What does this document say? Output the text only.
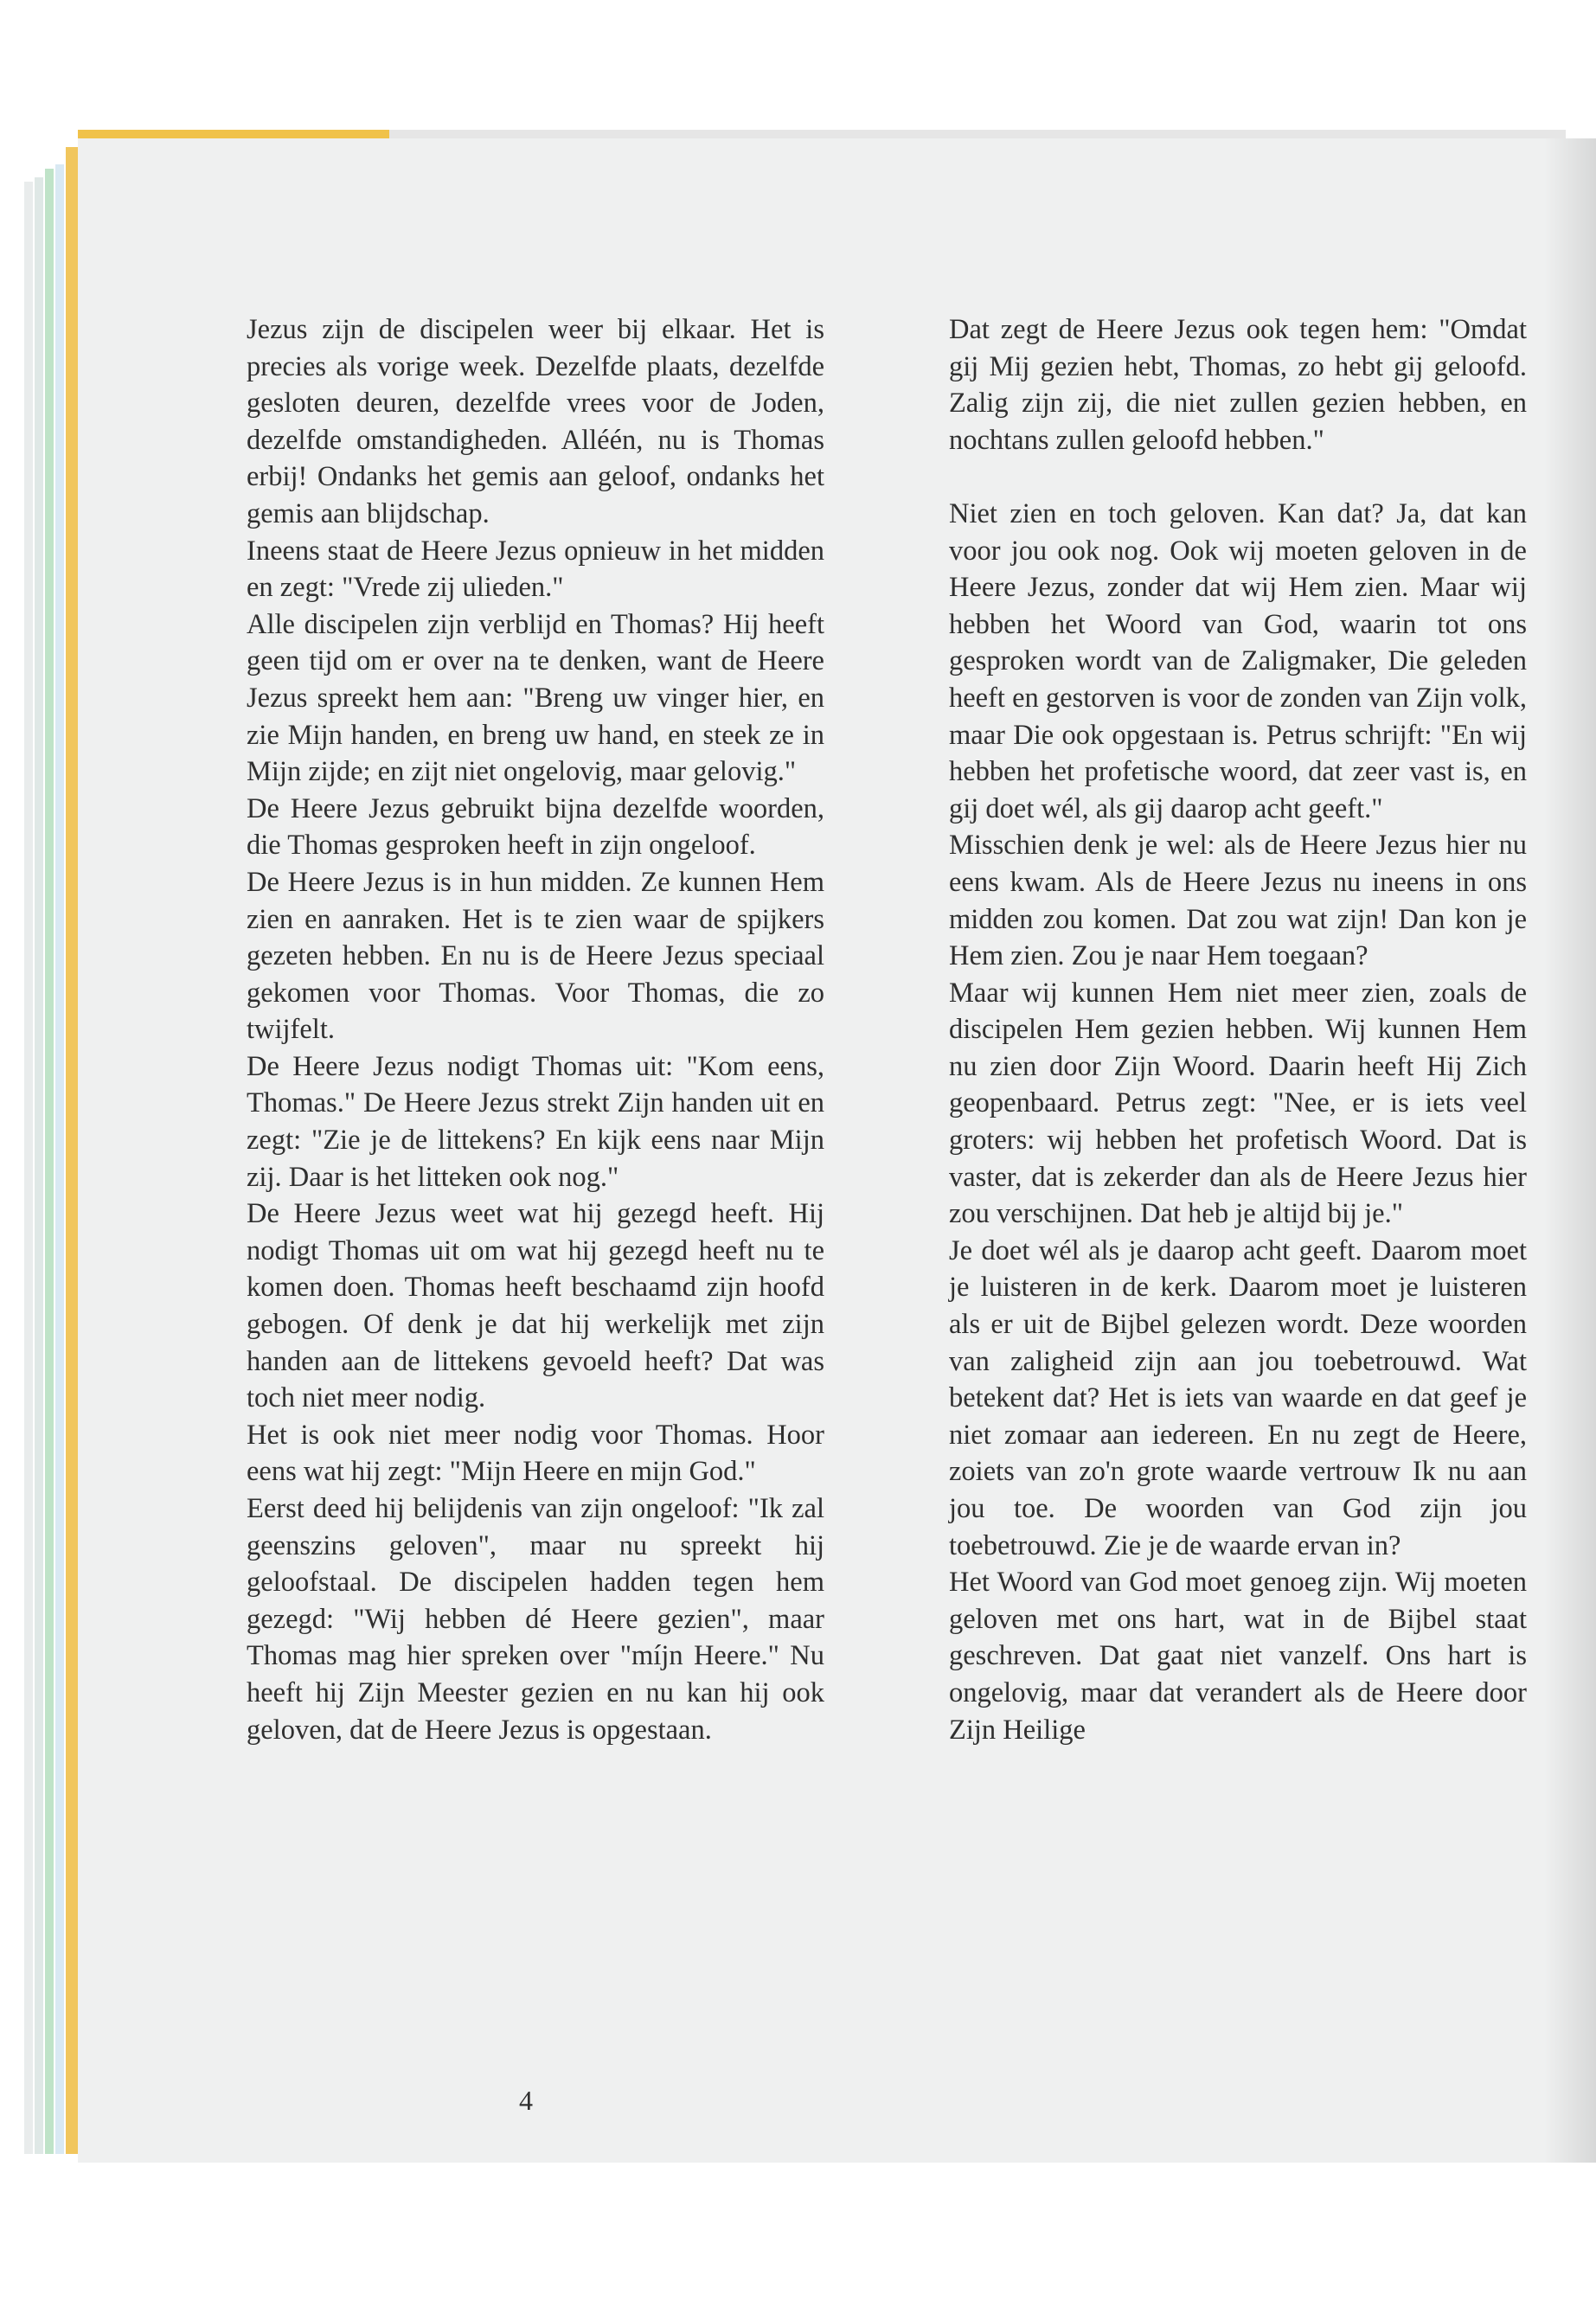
Jezus zijn de discipelen weer bij elkaar. Het is precies als vorige week. Dezelfde plaats, dezelfde gesloten deuren, dezelfde vrees voor de Joden, dezelfde omstandigheden. Alléén, nu is Thomas erbij! Ondanks het gemis aan geloof, ondanks het gemis aan blijdschap.

Ineens staat de Heere Jezus opnieuw in het midden en zegt: "Vrede zij ulieden."

Alle discipelen zijn verblijd en Thomas? Hij heeft geen tijd om er over na te denken, want de Heere Jezus spreekt hem aan: "Breng uw vinger hier, en zie Mijn handen, en breng uw hand, en steek ze in Mijn zijde; en zijt niet ongelovig, maar gelovig."

De Heere Jezus gebruikt bijna dezelfde woorden, die Thomas gesproken heeft in zijn ongeloof.

De Heere Jezus is in hun midden. Ze kunnen Hem zien en aanraken. Het is te zien waar de spijkers gezeten hebben. En nu is de Heere Jezus speciaal gekomen voor Thomas. Voor Thomas, die zo twijfelt.

De Heere Jezus nodigt Thomas uit: "Kom eens, Thomas." De Heere Jezus strekt Zijn handen uit en zegt: "Zie je de littekens? En kijk eens naar Mijn zij. Daar is het litteken ook nog."

De Heere Jezus weet wat hij gezegd heeft. Hij nodigt Thomas uit om wat hij gezegd heeft nu te komen doen. Thomas heeft beschaamd zijn hoofd gebogen. Of denk je dat hij werkelijk met zijn handen aan de littekens gevoeld heeft? Dat was toch niet meer nodig.

Het is ook niet meer nodig voor Thomas. Hoor eens wat hij zegt: "Mijn Heere en mijn God."

Eerst deed hij belijdenis van zijn ongeloof: "Ik zal geenszins geloven", maar nu spreekt hij geloofstaal. De discipelen hadden tegen hem gezegd: "Wij hebben dé Heere gezien", maar Thomas mag hier spreken over "míjn Heere." Nu heeft hij Zijn Meester gezien en nu kan hij ook geloven, dat de Heere Jezus is opgestaan.

Dat zegt de Heere Jezus ook tegen hem: "Omdat gij Mij gezien hebt, Thomas, zo hebt gij geloofd. Zalig zijn zij, die niet zullen gezien hebben, en nochtans zullen geloofd hebben."

Niet zien en toch geloven. Kan dat? Ja, dat kan voor jou ook nog. Ook wij moeten geloven in de Heere Jezus, zonder dat wij Hem zien. Maar wij hebben het Woord van God, waarin tot ons gesproken wordt van de Zaligmaker, Die geleden heeft en gestorven is voor de zonden van Zijn volk, maar Die ook opgestaan is. Petrus schrijft: "En wij hebben het profetische woord, dat zeer vast is, en gij doet wél, als gij daarop acht geeft."

Misschien denk je wel: als de Heere Jezus hier nu eens kwam. Als de Heere Jezus nu ineens in ons midden zou komen. Dat zou wat zijn! Dan kon je Hem zien. Zou je naar Hem toegaan?

Maar wij kunnen Hem niet meer zien, zoals de discipelen Hem gezien hebben. Wij kunnen Hem nu zien door Zijn Woord. Daarin heeft Hij Zich geopenbaard. Petrus zegt: "Nee, er is iets veel groters: wij hebben het profetisch Woord. Dat is vaster, dat is zekerder dan als de Heere Jezus hier zou verschijnen. Dat heb je altijd bij je."

Je doet wél als je daarop acht geeft. Daarom moet je luisteren in de kerk. Daarom moet je luisteren als er uit de Bijbel gelezen wordt. Deze woorden van zaligheid zijn aan jou toebetrouwd. Wat betekent dat? Het is iets van waarde en dat geef je niet zomaar aan iedereen. En nu zegt de Heere, zoiets van zo'n grote waarde vertrouw Ik nu aan jou toe. De woorden van God zijn jou toebetrouwd. Zie je de waarde ervan in?

Het Woord van God moet genoeg zijn. Wij moeten geloven met ons hart, wat in de Bijbel staat geschreven. Dat gaat niet vanzelf. Ons hart is ongelovig, maar dat verandert als de Heere door Zijn Heilige

4
